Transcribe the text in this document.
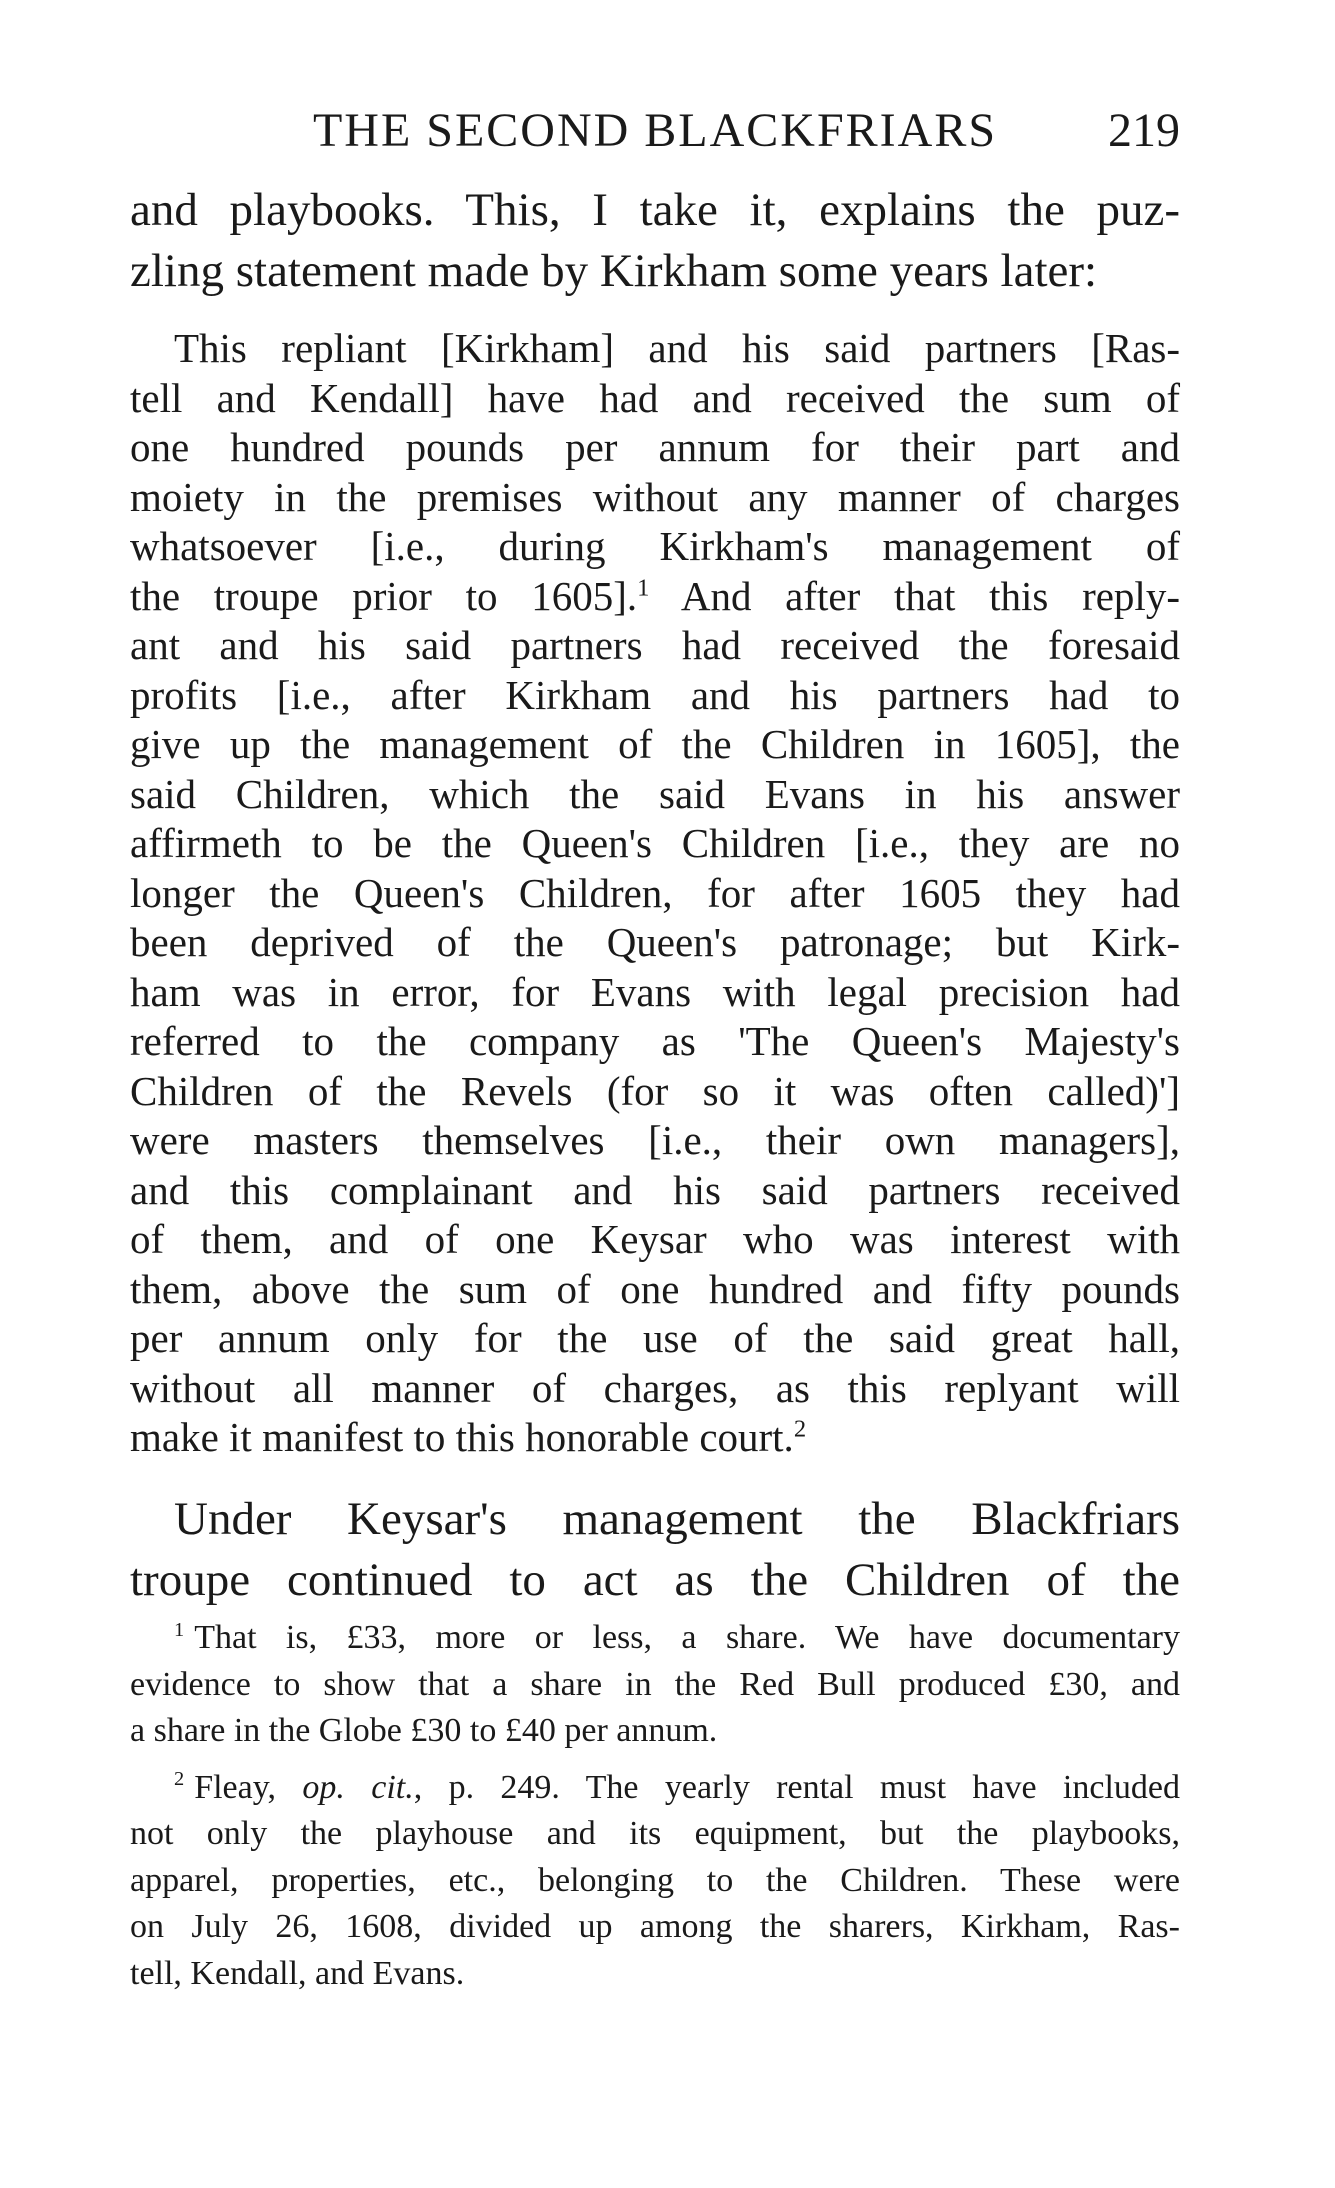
THE SECOND BLACKFRIARS	219

and playbooks. This, I take it, explains the puz-
zling statement made by Kirkham some years later:

This repliant [Kirkham] and his said partners [Ras-
tell and Kendall] have had and received the sum of
one hundred pounds per annum for their part and
moiety in the premises without any manner of charges
whatsoever [i.e., during Kirkham's management of
the troupe prior to 1605].$^1$ And after that this reply-
ant and his said partners had received the foresaid
profits [i.e., after Kirkham and his partners had to
give up the management of the Children in 1605], the
said Children, which the said Evans in his answer
affirmeth to be the Queen's Children [i.e., they are no
longer the Queen's Children, for after 1605 they had
been deprived of the Queen's patronage; but Kirk-
ham was in error, for Evans with legal precision had
referred to the company as 'The Queen's Majesty's
Children of the Revels (for so it was often called)']
were masters themselves [i.e., their own managers],
and this complainant and his said partners received
of them, and of one Keysar who was interest with
them, above the sum of one hundred and fifty pounds
per annum only for the use of the said great hall,
without all manner of charges, as this replyant will
make it manifest to this honorable court.$^2$

Under Keysar's management the Blackfriars
troupe continued to act as the Children of the

$^1$ That is, £33, more or less, a share. We have documentary
evidence to show that a share in the Red Bull produced £30, and
a share in the Globe £30 to £40 per annum.

$^2$ Fleay, op. cit., p. 249. The yearly rental must have included
not only the playhouse and its equipment, but the playbooks,
apparel, properties, etc., belonging to the Children. These were
on July 26, 1608, divided up among the sharers, Kirkham, Ras-
tell, Kendall, and Evans.
